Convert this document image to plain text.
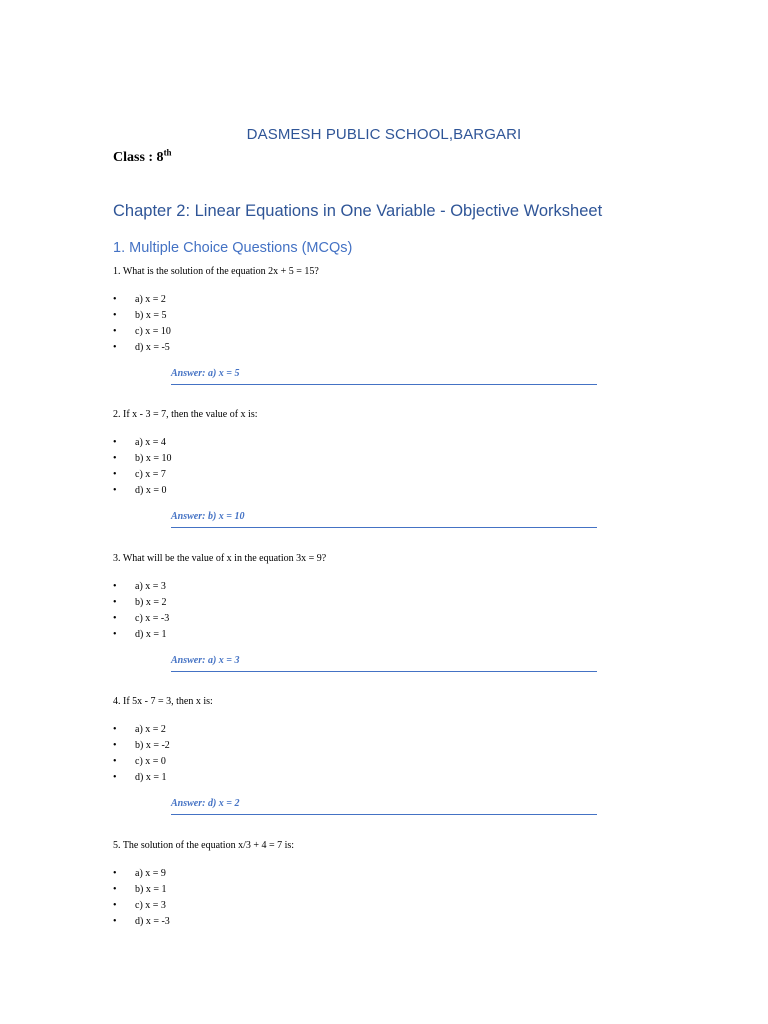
DASMESH PUBLIC SCHOOL,BARGARI
Class : 8th
Chapter 2: Linear Equations in One Variable - Objective Worksheet
1. Multiple Choice Questions (MCQs)

1. What is the solution of the equation 2x + 5 = 15?

• a) x = 2
• b) x = 5
• c) x = 10
• d) x = -5
Answer: a) x = 5

2. If x - 3 = 7, then the value of x is:

• a) x = 4
• b) x = 10
• c) x = 7
• d) x = 0
Answer: b) x = 10

3. What will be the value of x in the equation 3x = 9?

• a) x = 3
• b) x = 2
• c) x = -3
• d) x = 1
Answer: a) x = 3

4. If 5x - 7 = 3, then x is:

• a) x = 2
• b) x = -2
• c) x = 0
• d) x = 1
Answer: d) x = 2

5. The solution of the equation x/3 + 4 = 7 is:

• a) x = 9
• b) x = 1
• c) x = 3
• d) x = -3
